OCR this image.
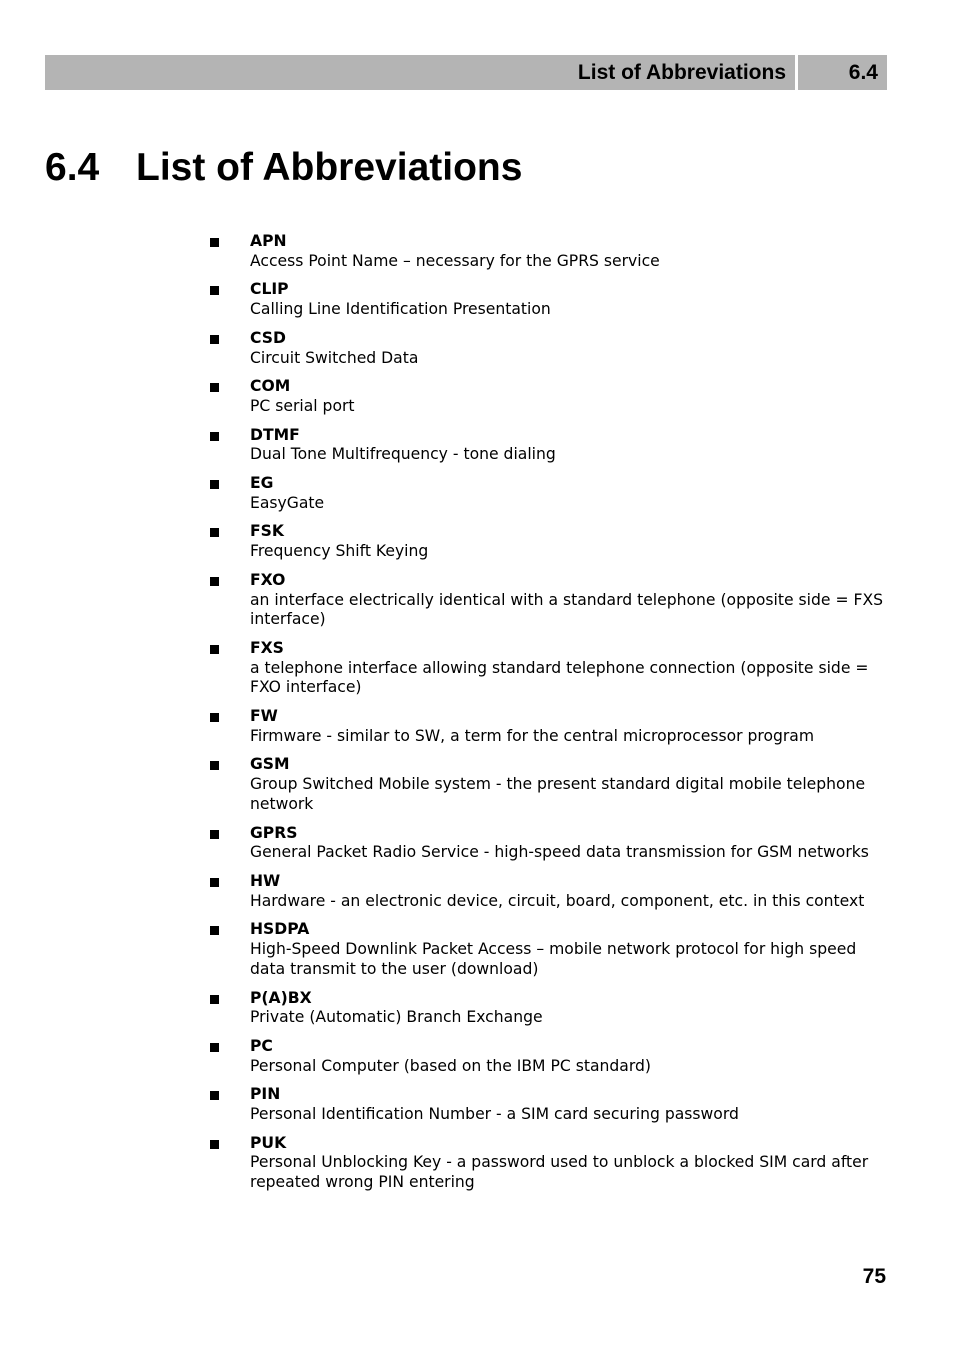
List of Abbreviations	6.4
6.4 List of Abbreviations
APN
Access Point Name – necessary for the GPRS service
CLIP
Calling Line Identification Presentation
CSD
Circuit Switched Data
COM
PC serial port
DTMF
Dual Tone Multifrequency - tone dialing
EG
EasyGate
FSK
Frequency Shift Keying
FXO
an interface electrically identical with a standard telephone (opposite side = FXS interface)
FXS
a telephone interface allowing standard telephone connection (opposite side = FXO interface)
FW
Firmware - similar to SW, a term for the central microprocessor program
GSM
Group Switched Mobile system - the present standard digital mobile telephone network
GPRS
General Packet Radio Service - high-speed data transmission for GSM networks
HW
Hardware - an electronic device, circuit, board, component, etc. in this context
HSDPA
High-Speed Downlink Packet Access – mobile network protocol for high speed data transmit to the user (download)
P(A)BX
Private (Automatic) Branch Exchange
PC
Personal Computer (based on the IBM PC standard)
PIN
Personal Identification Number - a SIM card securing password
PUK
Personal Unblocking Key - a password used to unblock a blocked SIM card after repeated wrong PIN entering
75
